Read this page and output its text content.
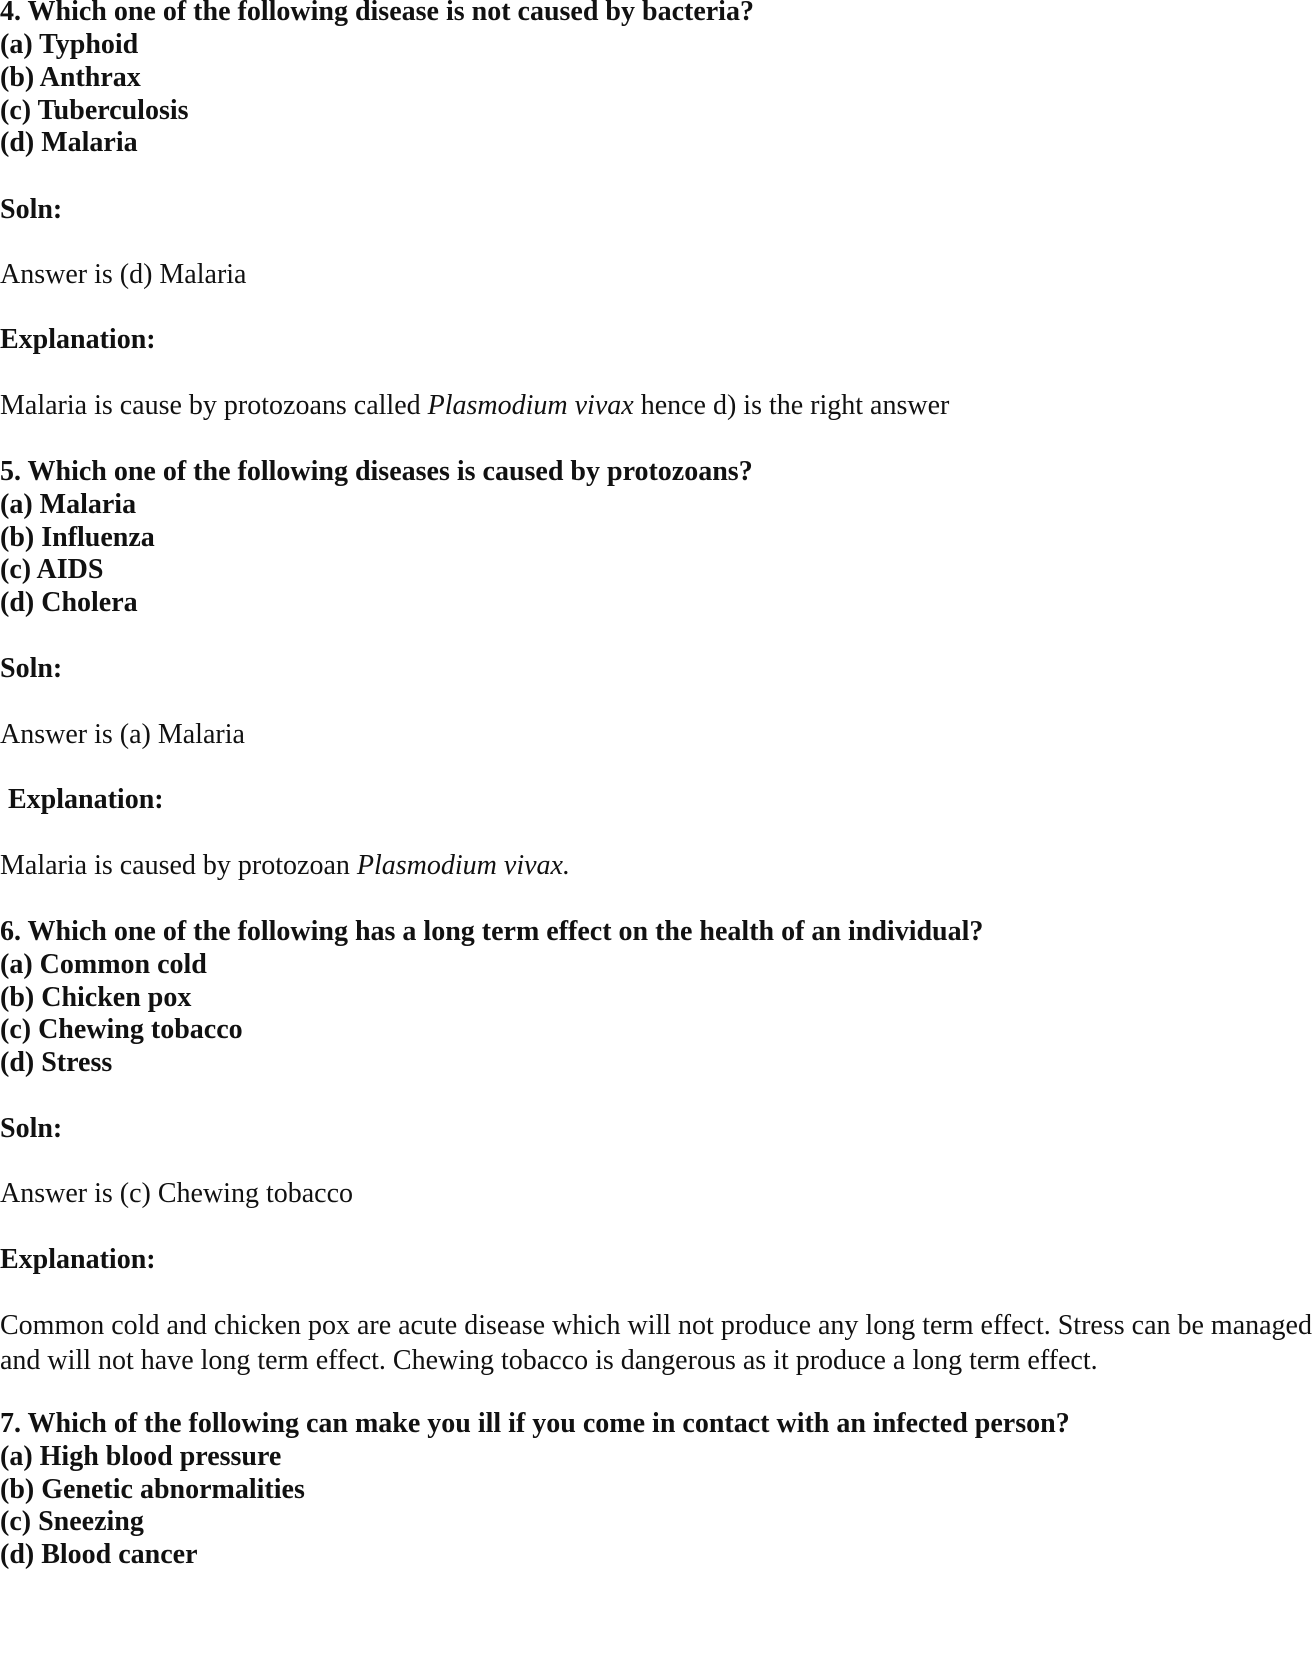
4. Which one of the following disease is not caused by bacteria?
(a) Typhoid
(b) Anthrax
(c) Tuberculosis
(d) Malaria
Soln:
Answer is (d) Malaria
Explanation:
Malaria is cause by protozoans called Plasmodium vivax hence d) is the right answer
5. Which one of the following diseases is caused by protozoans?
(a) Malaria
(b) Influenza
(c) AIDS
(d) Cholera
Soln:
Answer is (a) Malaria
Explanation:
Malaria is caused by protozoan Plasmodium vivax.
6. Which one of the following has a long term effect on the health of an individual?
(a) Common cold
(b) Chicken pox
(c) Chewing tobacco
(d) Stress
Soln:
Answer is (c) Chewing tobacco
Explanation:
Common cold and chicken pox are acute disease which will not produce any long term effect. Stress can be managed and will not have long term effect. Chewing tobacco is dangerous as it produce a long term effect.
7. Which of the following can make you ill if you come in contact with an infected person?
(a) High blood pressure
(b) Genetic abnormalities
(c) Sneezing
(d) Blood cancer
